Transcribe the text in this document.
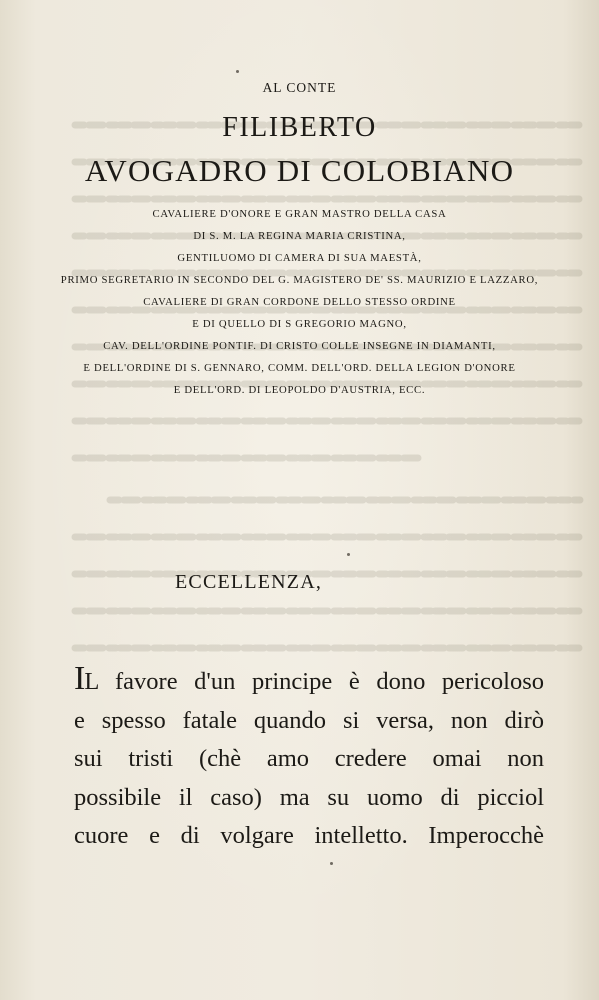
AL CONTE
FILIBERTO
AVOGADRO DI COLOBIANO
CAVALIERE D'ONORE E GRAN MASTRO DELLA CASA
DI S. M. LA REGINA MARIA CRISTINA,
GENTILUOMO DI CAMERA DI SUA MAESTÀ,
PRIMO SEGRETARIO IN SECONDO DEL G. MAGISTERO DE' SS. MAURIZIO E LAZZARO,
CAVALIERE DI GRAN CORDONE DELLO STESSO ORDINE
E DI QUELLO DI S GREGORIO MAGNO,
CAV. DELL'ORDINE PONTIF. DI CRISTO COLLE INSEGNE IN DIAMANTI,
E DELL'ORDINE DI S. GENNARO, COMM. DELL'ORD. DELLA LEGION D'ONORE
E DELL'ORD. DI LEOPOLDO D'AUSTRIA, ECC.
ECCELLENZA,
IL favore d'un principe è dono pericoloso
e spesso fatale quando si versa, non dirò
sui tristi (chè amo credere omai non
possibile il caso) ma su uomo di picciol
cuore e di volgare intelletto. Imperocchè
